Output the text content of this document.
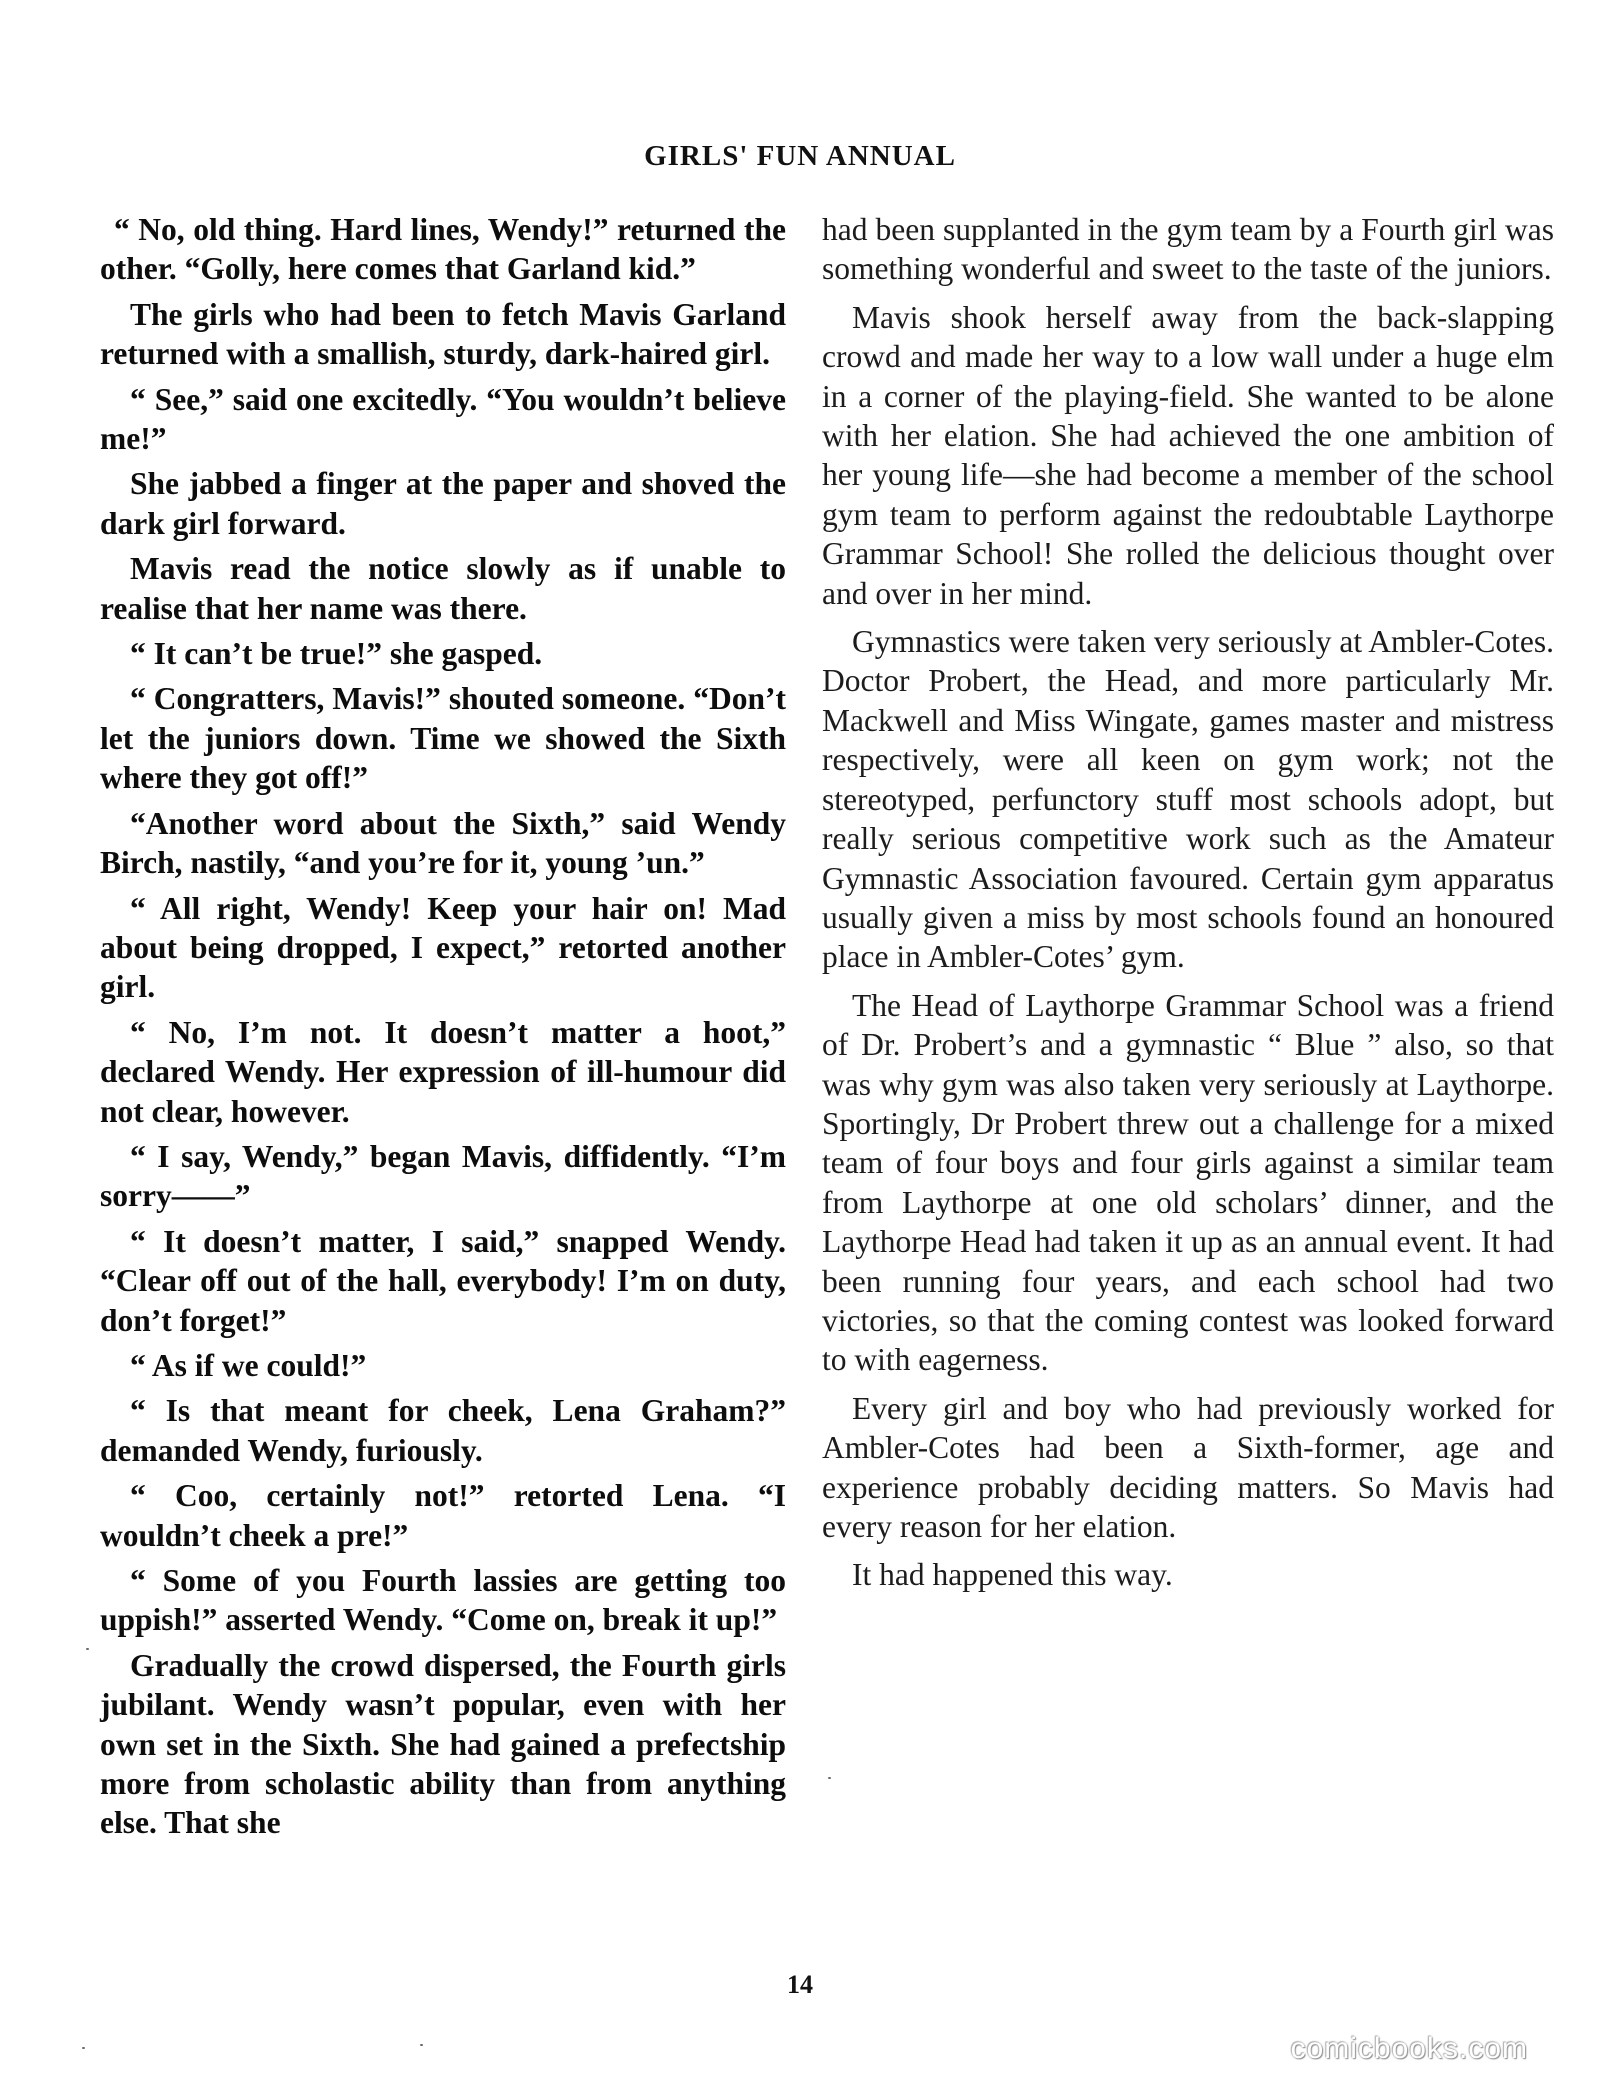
GIRLS' FUN ANNUAL

“ No, old thing. Hard lines, Wendy!” returned the other. “Golly, here comes that Garland kid.”

The girls who had been to fetch Mavis Garland returned with a smallish, sturdy, dark-haired girl.

“ See,” said one excitedly. “You wouldn’t believe me!”

She jabbed a finger at the paper and shoved the dark girl forward.

Mavis read the notice slowly as if unable to realise that her name was there.

“ It can’t be true!” she gasped.

“ Congratters, Mavis!” shouted someone. “Don’t let the juniors down. Time we showed the Sixth where they got off!”

“Another word about the Sixth,” said Wendy Birch, nastily, “and you’re for it, young ’un.”

“ All right, Wendy! Keep your hair on! Mad about being dropped, I expect,” retorted another girl.

“ No, I’m not. It doesn’t matter a hoot,” declared Wendy. Her expression of ill-humour did not clear, however.

“ I say, Wendy,” began Mavis, diffidently. “I’m sorry——”

“ It doesn’t matter, I said,” snapped Wendy. “Clear off out of the hall, everybody! I’m on duty, don’t forget!”

“ As if we could!”

“ Is that meant for cheek, Lena Graham?” demanded Wendy, furiously.

“ Coo, certainly not!” retorted Lena. “I wouldn’t cheek a pre!”

“ Some of you Fourth lassies are getting too uppish!” asserted Wendy. “Come on, break it up!”

Gradually the crowd dispersed, the Fourth girls jubilant. Wendy wasn’t popular, even with her own set in the Sixth. She had gained a prefectship more from scholastic ability than from anything else. That she

had been supplanted in the gym team by a Fourth girl was something wonderful and sweet to the taste of the juniors.

Mavis shook herself away from the back-slapping crowd and made her way to a low wall under a huge elm in a corner of the playing-field. She wanted to be alone with her elation. She had achieved the one ambition of her young life—she had become a member of the school gym team to perform against the redoubtable Laythorpe Grammar School! She rolled the delicious thought over and over in her mind.

Gymnastics were taken very seriously at Ambler-Cotes. Doctor Probert, the Head, and more particularly Mr. Mackwell and Miss Wingate, games master and mistress respectively, were all keen on gym work; not the stereotyped, perfunctory stuff most schools adopt, but really serious competitive work such as the Amateur Gymnastic Association favoured. Certain gym apparatus usually given a miss by most schools found an honoured place in Ambler-Cotes’ gym.

The Head of Laythorpe Grammar School was a friend of Dr. Probert’s and a gymnastic “ Blue ” also, so that was why gym was also taken very seriously at Laythorpe. Sportingly, Dr Probert threw out a challenge for a mixed team of four boys and four girls against a similar team from Laythorpe at one old scholars’ dinner, and the Laythorpe Head had taken it up as an annual event. It had been running four years, and each school had two victories, so that the coming contest was looked forward to with eagerness.

Every girl and boy who had previously worked for Ambler-Cotes had been a Sixth-former, age and experience probably deciding matters. So Mavis had every reason for her elation.

It had happened this way.

14
comicbooks.com
